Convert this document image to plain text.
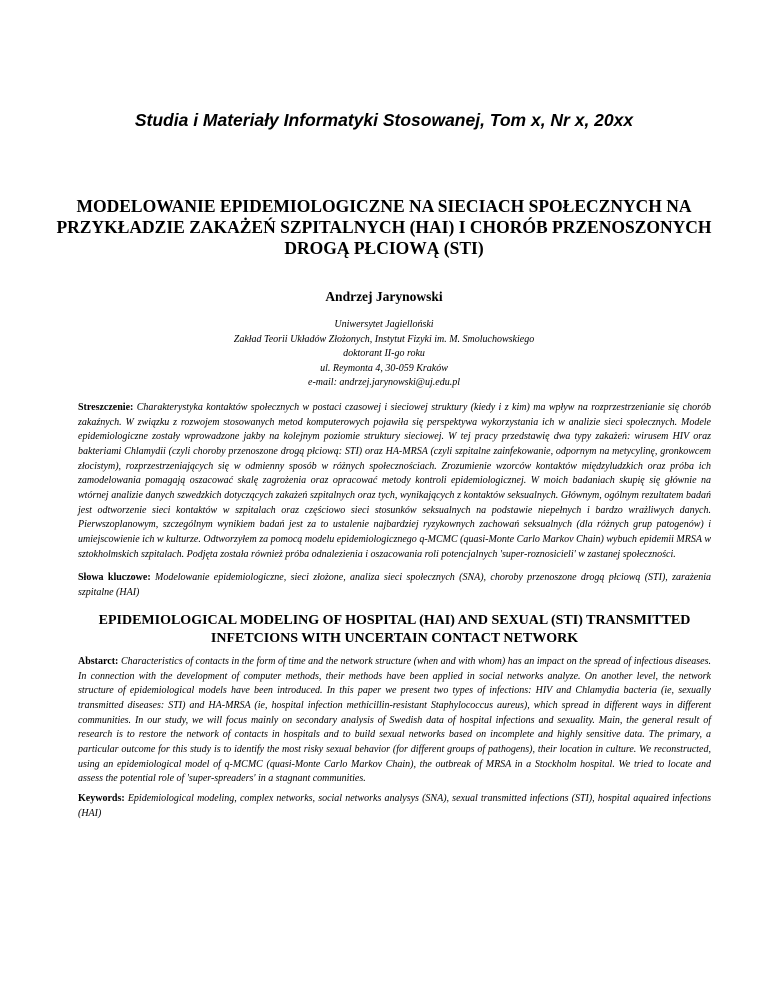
Studia i Materiały Informatyki Stosowanej, Tom x, Nr x, 20xx
MODELOWANIE EPIDEMIOLOGICZNE NA SIECIACH SPOŁECZNYCH NA PRZYKŁADZIE ZAKAŻEŃ SZPITALNYCH (HAI) I CHORÓB PRZENOSZONYCH DROGĄ PŁCIOWĄ (STI)
Andrzej Jarynowski
Uniwersytet Jagielloński
Zakład Teorii Układów Złożonych, Instytut Fizyki im. M. Smoluchowskiego
doktorant II-go roku
ul. Reymonta 4, 30-059 Kraków
e-mail: andrzej.jarynowski@uj.edu.pl

Streszczenie: Charakterystyka kontaktów społecznych w postaci czasowej i sieciowej struktury (kiedy i z kim) ma wpływ na rozprzestrzenianie się chorób zakaźnych. W związku z rozwojem stosowanych metod komputerowych pojawiła się perspektywa wykorzystania ich w analizie sieci społecznych. Modele epidemiologiczne zostały wprowadzone jakby na kolejnym poziomie struktury sieciowej. W tej pracy przedstawię dwa typy zakażeń: wirusem HIV oraz bakteriami Chlamydii (czyli choroby przenoszone drogą płciową: STI) oraz HA-MRSA (czyli szpitalne zainfekowanie, odpornym na metycylinę, gronkowcem złocistym), rozprzestrzeniających się w odmienny sposób w różnych społecznościach. Zrozumienie wzorców kontaktów międzyludzkich oraz próba ich zamodelowania pomagają oszacować skalę zagrożenia oraz opracować metody kontroli epidemiologicznej. W moich badaniach skupię się głównie na wtórnej analizie danych szwedzkich dotyczących zakażeń szpitalnych oraz tych, wynikających z kontaktów seksualnych. Głównym, ogólnym rezultatem badań jest odtworzenie sieci kontaktów w szpitalach oraz częściowo sieci stosunków seksualnych na podstawie niepełnych i bardzo wrażliwych danych. Pierwszoplanowym, szczególnym wynikiem badań jest za to ustalenie najbardziej ryzykownych zachowań seksualnych (dla różnych grup patogenów) i umiejscowienie ich w kulturze. Odtworzyłem za pomocą modelu epidemiologicznego q-MCMC (quasi-Monte Carlo Markov Chain) wybuch epidemii MRSA w sztokholmskich szpitalach. Podjęta została również próba odnalezienia i oszacowania roli potencjalnych 'super-roznosicieli' w zastanej społeczności.

Słowa kluczowe: Modelowanie epidemiologiczne, sieci złożone, analiza sieci społecznych (SNA), choroby przenoszone drogą płciową (STI), zarażenia szpitalne (HAI)

EPIDEMIOLOGICAL MODELING OF HOSPITAL (HAI) AND SEXUAL (STI) TRANSMITTED INFETCIONS WITH UNCERTAIN CONTACT NETWORK

Abstarct: Characteristics of contacts in the form of time and the network structure (when and with whom) has an impact on the spread of infectious diseases. In connection with the development of computer methods, their methods have been applied in social networks analyze. On another level, the network structure of epidemiological models have been introduced. In this paper we present two types of infections: HIV and Chlamydia bacteria (ie, sexually transmitted diseases: STI) and HA-MRSA (ie, hospital infection methicillin-resistant Staphylococcus aureus), which spread in different ways in different communities. In our study, we will focus mainly on secondary analysis of Swedish data of hospital infections and sexuality. Main, the general result of research is to restore the network of contacts in hospitals and to build sexual networks based on incomplete and highly sensitive data. The primary, a particular outcome for this study is to identify the most risky sexual behavior (for different groups of pathogens), their location in culture. We reconstructed, using an epidemiological model of q-MCMC (quasi-Monte Carlo Markov Chain), the outbreak of MRSA in a Stockholm hospital. We tried to locate and assess the potential role of 'super-spreaders' in a stagnant communities.

Keywords: Epidemiological modeling, complex networks, social networks analysys (SNA), sexual transmitted infections (STI), hospital aquaired infections (HAI)
